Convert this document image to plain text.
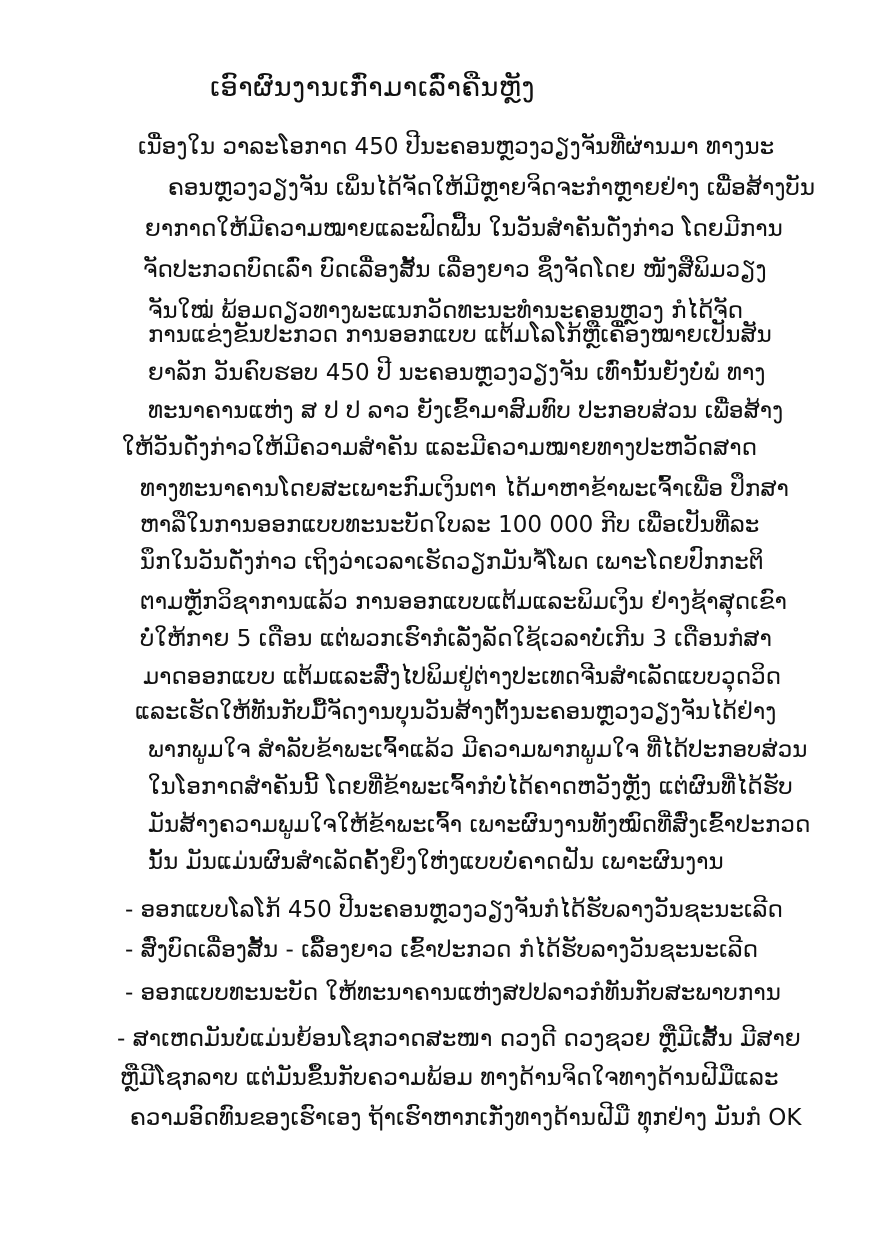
ເອົາຜົນງານເກົ່າມາເລົ່າຄືນຫຼັງ
ເນື່ອງໃນ ວາລະໂອກາດ 450 ປີນະຄອນຫຼວງວຽງຈັນທີ່ຜ່ານມາ ທາງນະ
ຄອນຫຼວງວຽງຈັນ ເພິ່ນໄດ້ຈັດໃຫ້ມີຫຼາຍຈິດຈະກຳຫຼາຍຢ່າງ ເພື່ອສ້າງບັນ
ຍາກາດໃຫ້ມີຄວາມໝາຍແລະຟົດຟື້ນ ໃນວັນສຳຄັນດັ່ງກ່າວ ໂດຍມີການ
ຈັດປະກວດບົດເລົ່າ ບົດເລື່ອງສັ້ນ ເລື່ອງຍາວ ຊຶ່ງຈັດໂດຍ ໜັງສືພິມວຽງ
ຈັນໃໝ່ ພ້ອມດຽວທາງພະແນກວັດທະນະທຳນະຄອນຫຼວງ ກໍໄດ້ຈັດ
ການແຂ່ງຂັນປະກວດ ການອອກແບບ ແຕ້ມໂລໂກ້ຫຼືເຄື່ອງໝາຍເປັນສັນ
ຍາລັກ ວັນຄົບຮອບ 450 ປີ ນະຄອນຫຼວງວຽງຈັນ ເທົ່ານັ້ນຍັງບໍ່ພໍ ທາງ
ທະນາຄານແຫ່ງ ສ ປ ປ ລາວ ຍັງເຂົ້າມາສົມທົບ ປະກອບສ່ວນ ເພື່ອສ້າງ
ໃຫ້ວັນດັ່ງກ່າວໃຫ້ມີຄວາມສຳຄັນ ແລະມີຄວາມໝາຍທາງປະຫວັດສາດ
ທາງທະນາຄານໂດຍສະເພາະກົມເງິນຕາ ໄດ້ມາຫາຂ້າພະເຈົ້າເພື່ອ ປຶກສາ
ຫາລືໃນການອອກແບບທະນະບັດໃບລະ 100 000 ກີບ ເພື່ອເປັນທີ່ລະ
ນຶກໃນວັນດັ່ງກ່າວ ເຖິງວ່າເວລາເຮັດວຽກມັນຈໍ້ໂພດ ເພາະໂດຍປົກກະຕິ
ຕາມຫຼັກວິຊາການແລ້ວ ການອອກແບບແຕ້ມແລະພິມເງິນ ຢ່າງຊ້າສຸດເຂົາ
ບໍ່ໃຫ້ກາຍ 5 ເດືອນ ແຕ່ພວກເຮົາກໍເລັ່ງລັດໃຊ້ເວລາບໍ່ເກີນ 3 ເດືອນກໍສາ
ມາດອອກແບບ ແຕ້ມແລະສົ່ງໄປພິມຢູ່ຕ່າງປະເທດຈີນສຳເລັດແບບວຸດວິດ
ແລະເຮັດໃຫ້ທັນກັບມື້ຈັດງານບຸນວັນສ້າງຕັ້ງນະຄອນຫຼວງວຽງຈັນໄດ້ຢ່າງ
ພາກພູມໃຈ ສຳລັບຂ້າພະເຈົ້າແລ້ວ ມີຄວາມພາກພູມໃຈ ທີ່ໄດ້ປະກອບສ່ວນ
ໃນໂອກາດສຳຄັນນີ້ ໂດຍທີ່ຂ້າພະເຈົ້າກໍບໍ່ໄດ້ຄາດຫວັງຫຼັງ ແຕ່ຜົນທີ່ໄດ້ຮັບ
ມັນສ້າງຄວາມພູມໃຈໃຫ້ຂ້າພະເຈົ້າ ເພາະຜົນງານທັງໝົດທີ່ສົ່ງເຂົ້າປະກວດ
ນັ້ນ ມັນແມ່ນຜົນສຳເລັດຄັ້ງຍິ່ງໃຫ່ງແບບບໍ່ຄາດຝັນ ເພາະຜົນງານ
- ອອກແບບໂລໂກ້ 450 ປີນະຄອນຫຼວງວຽງຈັນກໍໄດ້ຮັບລາງວັນຊະນະເລີດ
- ສົ່ງບົດເລື່ອງສັ້ນ - ເລື້ອງຍາວ ເຂົ້າປະກວດ ກໍໄດ້ຮັບລາງວັນຊະນະເລີດ
- ອອກແບບທະນະບັດ ໃຫ້ທະນາຄານແຫ່ງສປປລາວກໍທັນກັບສະພາບການ
- ສາເຫດມັນບໍ່ແມ່ນຍ້ອນໂຊກວາດສະໜາ ດວງດີ ດວງຊວຍ ຫຼືມີເສັ້ນ ມີສາຍ
ຫຼືມີໂຊກລາບ ແຕ່ມັນຂຶ້ນກັບຄວາມພ້ອມ ທາງດ້ານຈິດໃຈທາງດ້ານຝີມືແລະ
ຄວາມອົດທົນຂອງເຮົາເອງ ຖ້າເຮົາຫາກເກັ່ງທາງດ້ານຝີມື ທຸກຢ່າງ ມັນກໍ OK
